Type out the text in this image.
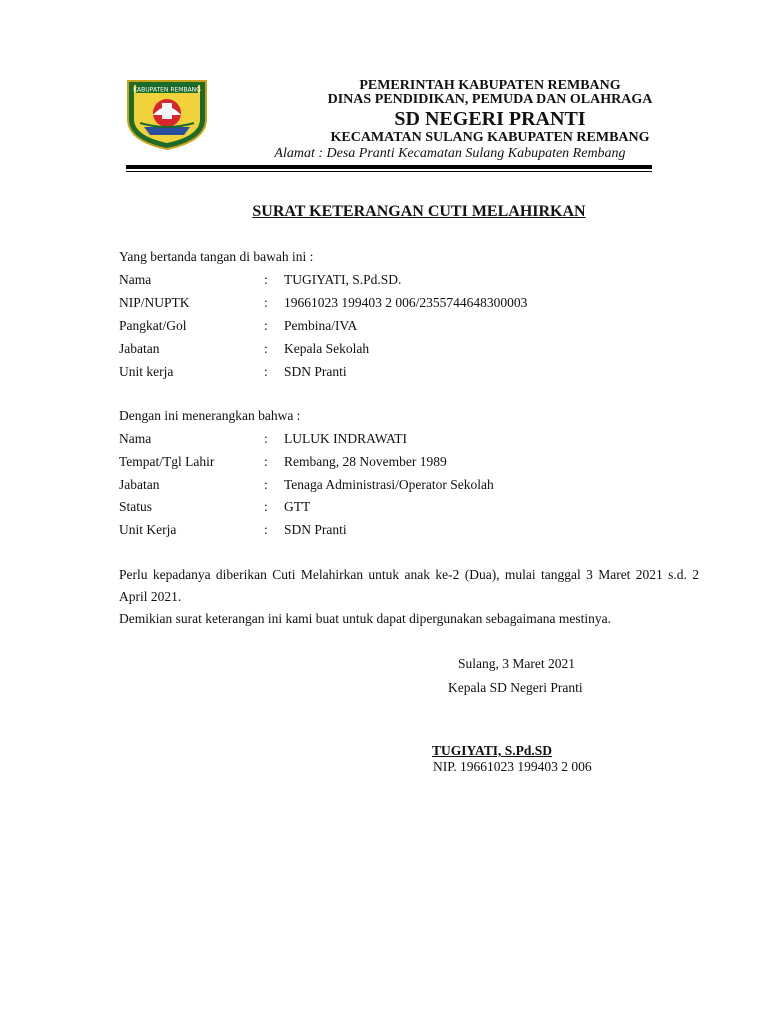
KABUPATEN REMBANG	PEMERINTAH KABUPATEN REMBANG
DINAS PENDIDIKAN, PEMUDA DAN OLAHRAGA
SD NEGERI PRANTI
KECAMATAN SULANG KABUPATEN REMBANG
Alamat : Desa Pranti Kecamatan Sulang Kabupaten Rembang
SURAT KETERANGAN CUTI MELAHIRKAN
Yang bertanda tangan di bawah ini :
Nama	: TUGIYATI, S.Pd.SD.
NIP/NUPTK	: 19661023 199403 2 006/2355744648300003
Pangkat/Gol	: Pembina/IVA
Jabatan	: Kepala Sekolah
Unit kerja	: SDN Pranti
Dengan ini menerangkan bahwa :
Nama	: LULUK INDRAWATI
Tempat/Tgl Lahir	: Rembang, 28 November 1989
Jabatan	: Tenaga Administrasi/Operator Sekolah
Status	: GTT
Unit Kerja	: SDN Pranti
Perlu kepadanya diberikan Cuti Melahirkan untuk anak ke-2 (Dua), mulai tanggal 3 Maret 2021 s.d. 2 April 2021.
Demikian surat keterangan ini kami buat untuk dapat dipergunakan sebagaimana mestinya.
Sulang, 3 Maret 2021
Kepala SD Negeri Pranti
TUGIYATI, S.Pd.SD
NIP. 19661023 199403 2 006
